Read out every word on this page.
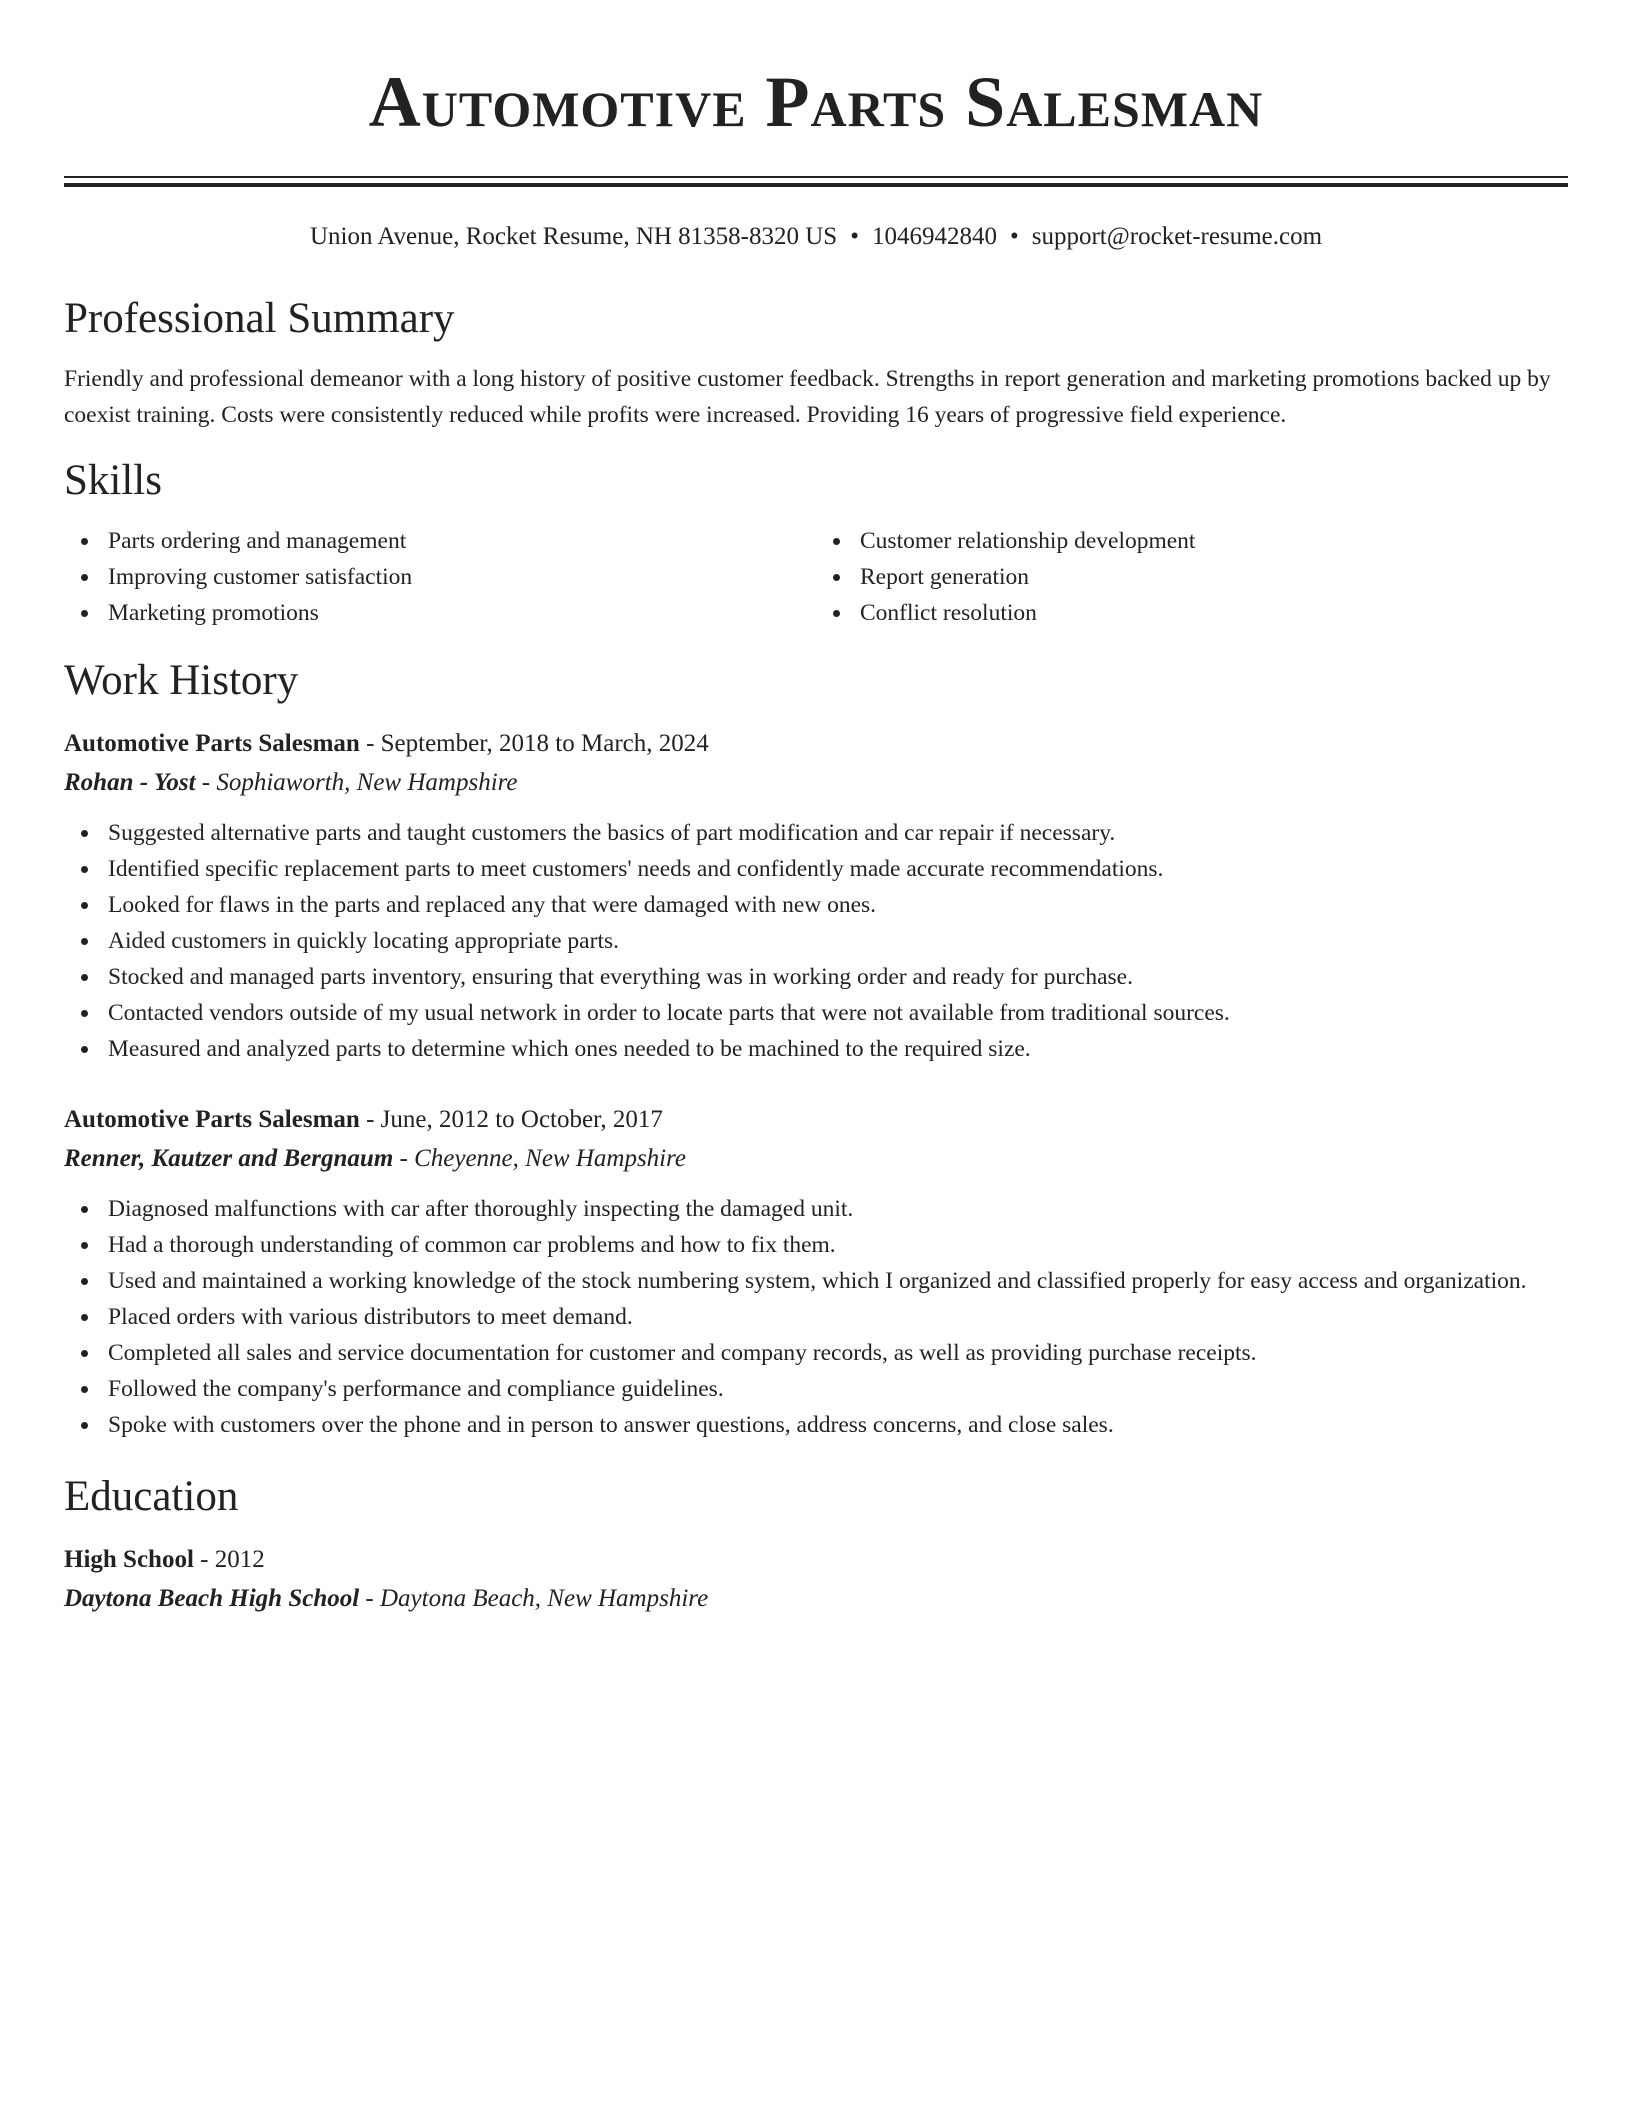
Automotive Parts Salesman
Union Avenue, Rocket Resume, NH 81358-8320 US • 1046942840 • support@rocket-resume.com
Professional Summary

Friendly and professional demeanor with a long history of positive customer feedback. Strengths in report generation and marketing promotions backed up by coexist training. Costs were consistently reduced while profits were increased. Providing 16 years of progressive field experience.

Skills
Parts ordering and management
Improving customer satisfaction
Marketing promotions
Customer relationship development
Report generation
Conflict resolution
Work History
Automotive Parts Salesman - September, 2018 to March, 2024
Rohan - Yost - Sophiaworth, New Hampshire
Suggested alternative parts and taught customers the basics of part modification and car repair if necessary.
Identified specific replacement parts to meet customers' needs and confidently made accurate recommendations.
Looked for flaws in the parts and replaced any that were damaged with new ones.
Aided customers in quickly locating appropriate parts.
Stocked and managed parts inventory, ensuring that everything was in working order and ready for purchase.
Contacted vendors outside of my usual network in order to locate parts that were not available from traditional sources.
Measured and analyzed parts to determine which ones needed to be machined to the required size.
Automotive Parts Salesman - June, 2012 to October, 2017
Renner, Kautzer and Bergnaum - Cheyenne, New Hampshire
Diagnosed malfunctions with car after thoroughly inspecting the damaged unit.
Had a thorough understanding of common car problems and how to fix them.
Used and maintained a working knowledge of the stock numbering system, which I organized and classified properly for easy access and organization.
Placed orders with various distributors to meet demand.
Completed all sales and service documentation for customer and company records, as well as providing purchase receipts.
Followed the company's performance and compliance guidelines.
Spoke with customers over the phone and in person to answer questions, address concerns, and close sales.
Education
High School - 2012
Daytona Beach High School - Daytona Beach, New Hampshire
